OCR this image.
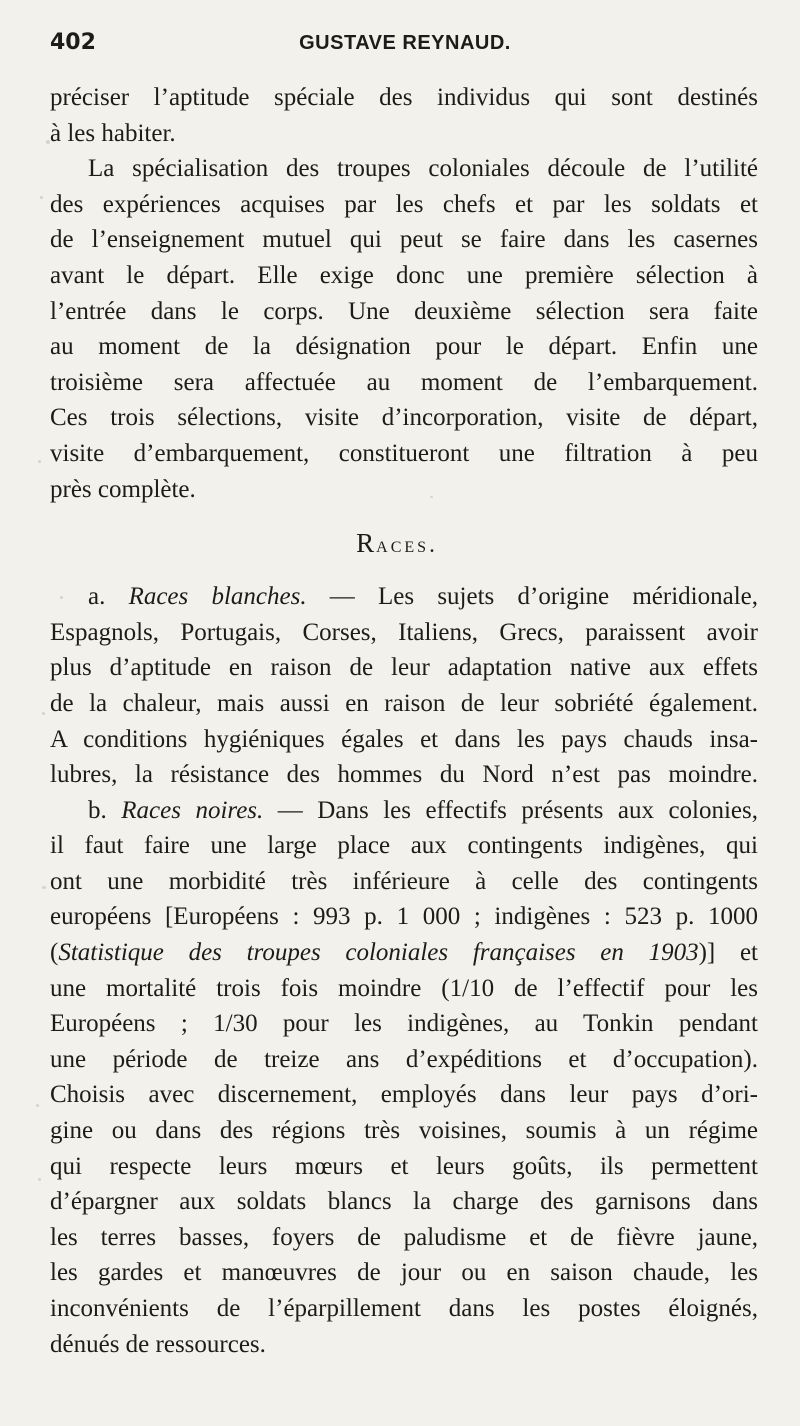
402	GUSTAVE REYNAUD.
préciser l’aptitude spéciale des individus qui sont destinés
à les habiter.
La spécialisation des troupes coloniales découle de l’utilité
des expériences acquises par les chefs et par les soldats et
de l’enseignement mutuel qui peut se faire dans les casernes
avant le départ. Elle exige donc une première sélection à
l’entrée dans le corps. Une deuxième sélection sera faite
au moment de la désignation pour le départ. Enfin une
troisième sera affectuée au moment de l’embarquement.
Ces trois sélections, visite d’incorporation, visite de départ,
visite d’embarquement, constitueront une filtration à peu
près complète.
Races.
a. Races blanches. — Les sujets d’origine méridionale,
Espagnols, Portugais, Corses, Italiens, Grecs, paraissent avoir
plus d’aptitude en raison de leur adaptation native aux effets
de la chaleur, mais aussi en raison de leur sobriété également.
A conditions hygiéniques égales et dans les pays chauds insa-
lubres, la résistance des hommes du Nord n’est pas moindre.
b. Races noires. — Dans les effectifs présents aux colonies,
il faut faire une large place aux contingents indigènes, qui
ont une morbidité très inférieure à celle des contingents
européens [Européens : 993 p. 1 000 ; indigènes : 523 p. 1000
(Statistique des troupes coloniales françaises en 1903)] et
une mortalité trois fois moindre (1/10 de l’effectif pour les
Européens ; 1/30 pour les indigènes, au Tonkin pendant
une période de treize ans d’expéditions et d’occupation).
Choisis avec discernement, employés dans leur pays d’ori-
gine ou dans des régions très voisines, soumis à un régime
qui respecte leurs mœurs et leurs goûts, ils permettent
d’épargner aux soldats blancs la charge des garnisons dans
les terres basses, foyers de paludisme et de fièvre jaune,
les gardes et manœuvres de jour ou en saison chaude, les
inconvénients de l’éparpillement dans les postes éloignés,
dénués de ressources.
